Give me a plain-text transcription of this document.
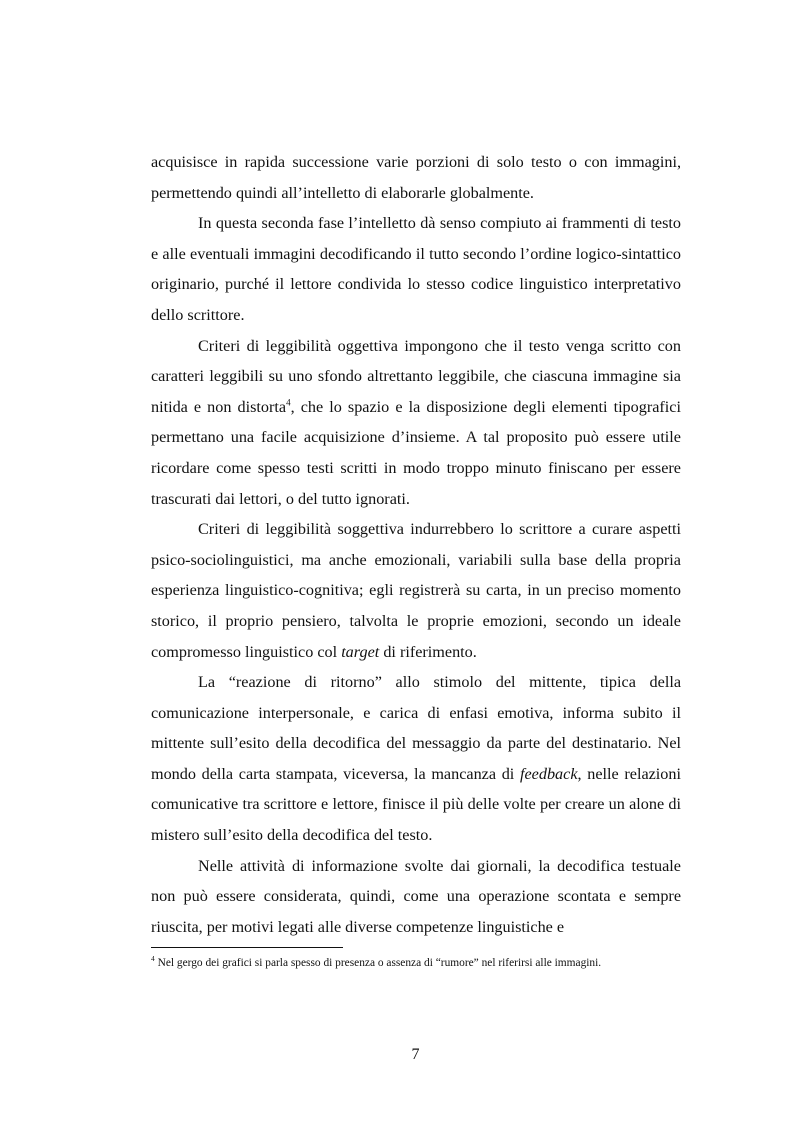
acquisisce in rapida successione varie porzioni di solo testo o con immagini, permettendo quindi all’intelletto di elaborarle globalmente.

In questa seconda fase l’intelletto dà senso compiuto ai frammenti di testo e alle eventuali immagini decodificando il tutto secondo l’ordine logico-sintattico originario, purché il lettore condivida lo stesso codice linguistico interpretativo dello scrittore.

Criteri di leggibilità oggettiva impongono che il testo venga scritto con caratteri leggibili su uno sfondo altrettanto leggibile, che ciascuna immagine sia nitida e non distorta$^4$, che lo spazio e la disposizione degli elementi tipografici permettano una facile acquisizione d’insieme. A tal proposito può essere utile ricordare come spesso testi scritti in modo troppo minuto finiscano per essere trascurati dai lettori, o del tutto ignorati.

Criteri di leggibilità soggettiva indurrebbero lo scrittore a curare aspetti psico-sociolinguistici, ma anche emozionali, variabili sulla base della propria esperienza linguistico-cognitiva; egli registrerà su carta, in un preciso momento storico, il proprio pensiero, talvolta le proprie emozioni, secondo un ideale compromesso linguistico col target di riferimento.

La “reazione di ritorno” allo stimolo del mittente, tipica della comunicazione interpersonale, e carica di enfasi emotiva, informa subito il mittente sull’esito della decodifica del messaggio da parte del destinatario. Nel mondo della carta stampata, viceversa, la mancanza di feedback, nelle relazioni comunicative tra scrittore e lettore, finisce il più delle volte per creare un alone di mistero sull’esito della decodifica del testo.

Nelle attività di informazione svolte dai giornali, la decodifica testuale non può essere considerata, quindi, come una operazione scontata e sempre riuscita, per motivi legati alle diverse competenze linguistiche e

$^4$ Nel gergo dei grafici si parla spesso di presenza o assenza di “rumore” nel riferirsi alle immagini.
7
